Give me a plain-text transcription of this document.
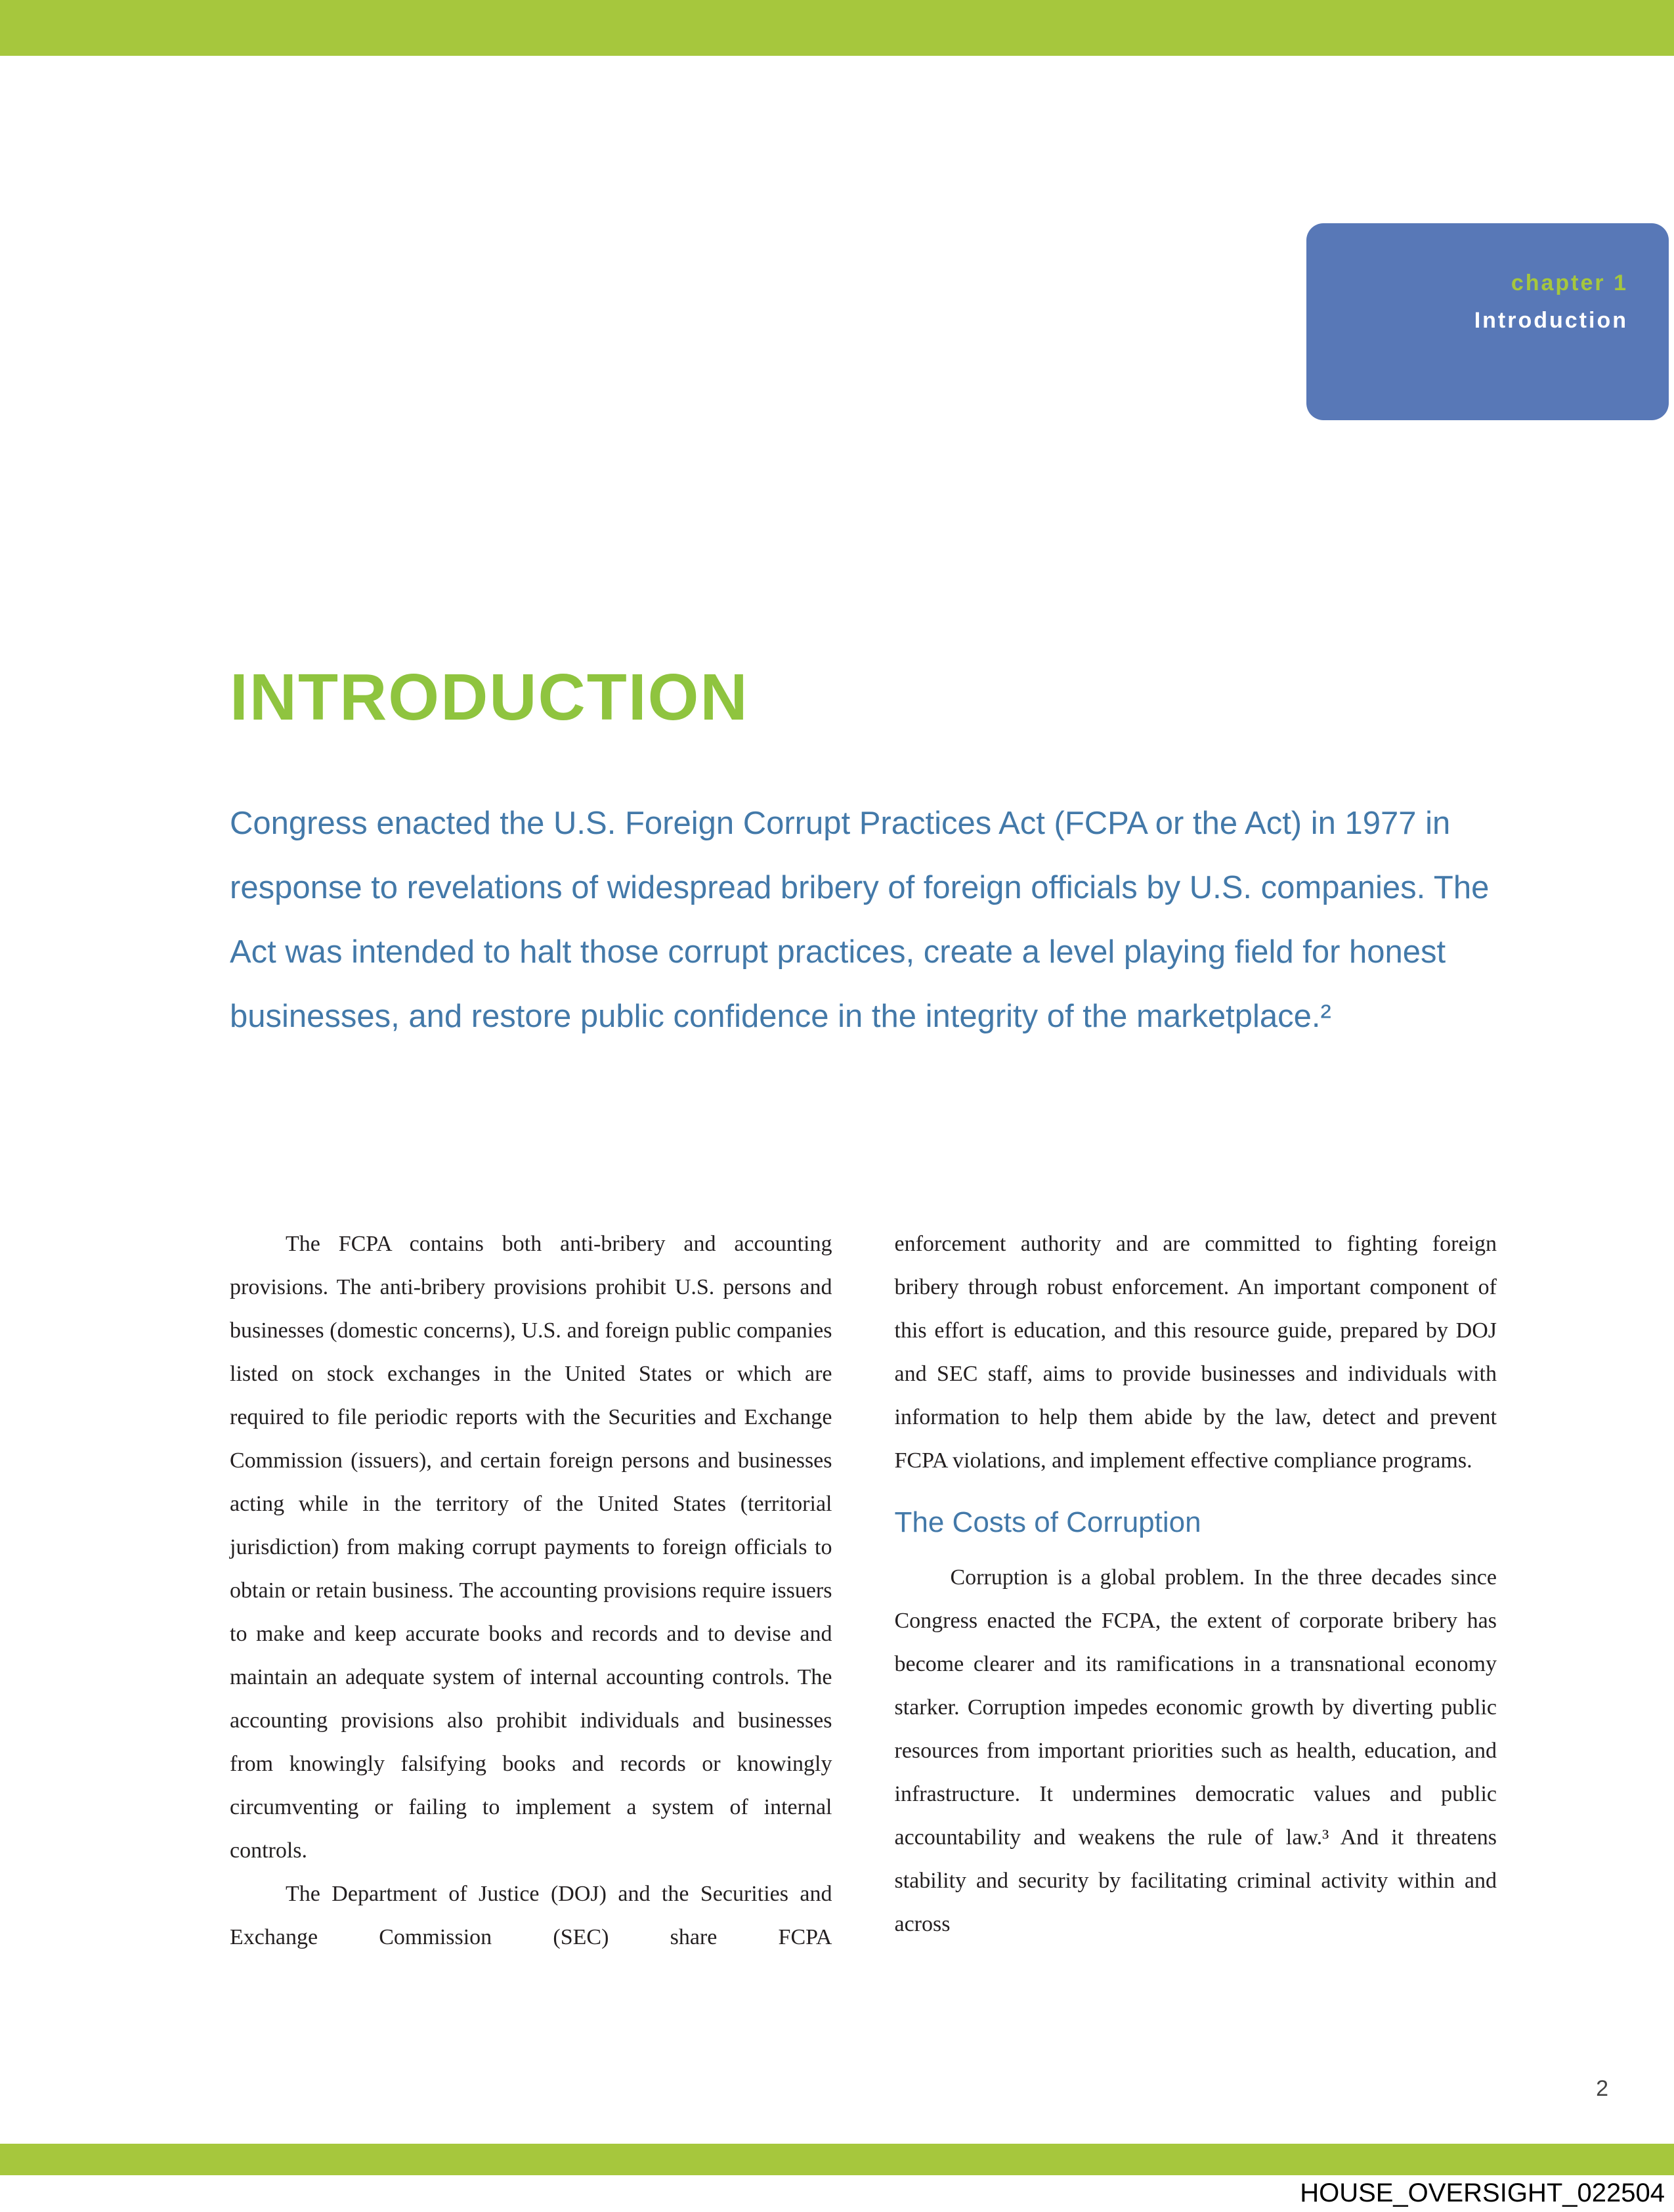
chapter 1
Introduction
INTRODUCTION

Congress enacted the U.S. Foreign Corrupt Practices Act (FCPA or the Act) in 1977 in response to revelations of widespread bribery of foreign officials by U.S. companies. The Act was intended to halt those corrupt practices, create a level playing field for honest businesses, and restore public confidence in the integrity of the marketplace.²

The FCPA contains both anti-bribery and accounting provisions. The anti-bribery provisions prohibit U.S. persons and businesses (domestic concerns), U.S. and foreign public companies listed on stock exchanges in the United States or which are required to file periodic reports with the Securities and Exchange Commission (issuers), and certain foreign persons and businesses acting while in the territory of the United States (territorial jurisdiction) from making corrupt payments to foreign officials to obtain or retain business. The accounting provisions require issuers to make and keep accurate books and records and to devise and maintain an adequate system of internal accounting controls. The accounting provisions also prohibit individuals and businesses from knowingly falsifying books and records or knowingly circumventing or failing to implement a system of internal controls.

The Department of Justice (DOJ) and the Securities and Exchange Commission (SEC) share FCPA

enforcement authority and are committed to fighting foreign bribery through robust enforcement. An important component of this effort is education, and this resource guide, prepared by DOJ and SEC staff, aims to provide businesses and individuals with information to help them abide by the law, detect and prevent FCPA violations, and implement effective compliance programs.

The Costs of Corruption

Corruption is a global problem. In the three decades since Congress enacted the FCPA, the extent of corporate bribery has become clearer and its ramifications in a transnational economy starker. Corruption impedes economic growth by diverting public resources from important priorities such as health, education, and infrastructure. It undermines democratic values and public accountability and weakens the rule of law.³ And it threatens stability and security by facilitating criminal activity within and across

2
HOUSE_OVERSIGHT_022504
